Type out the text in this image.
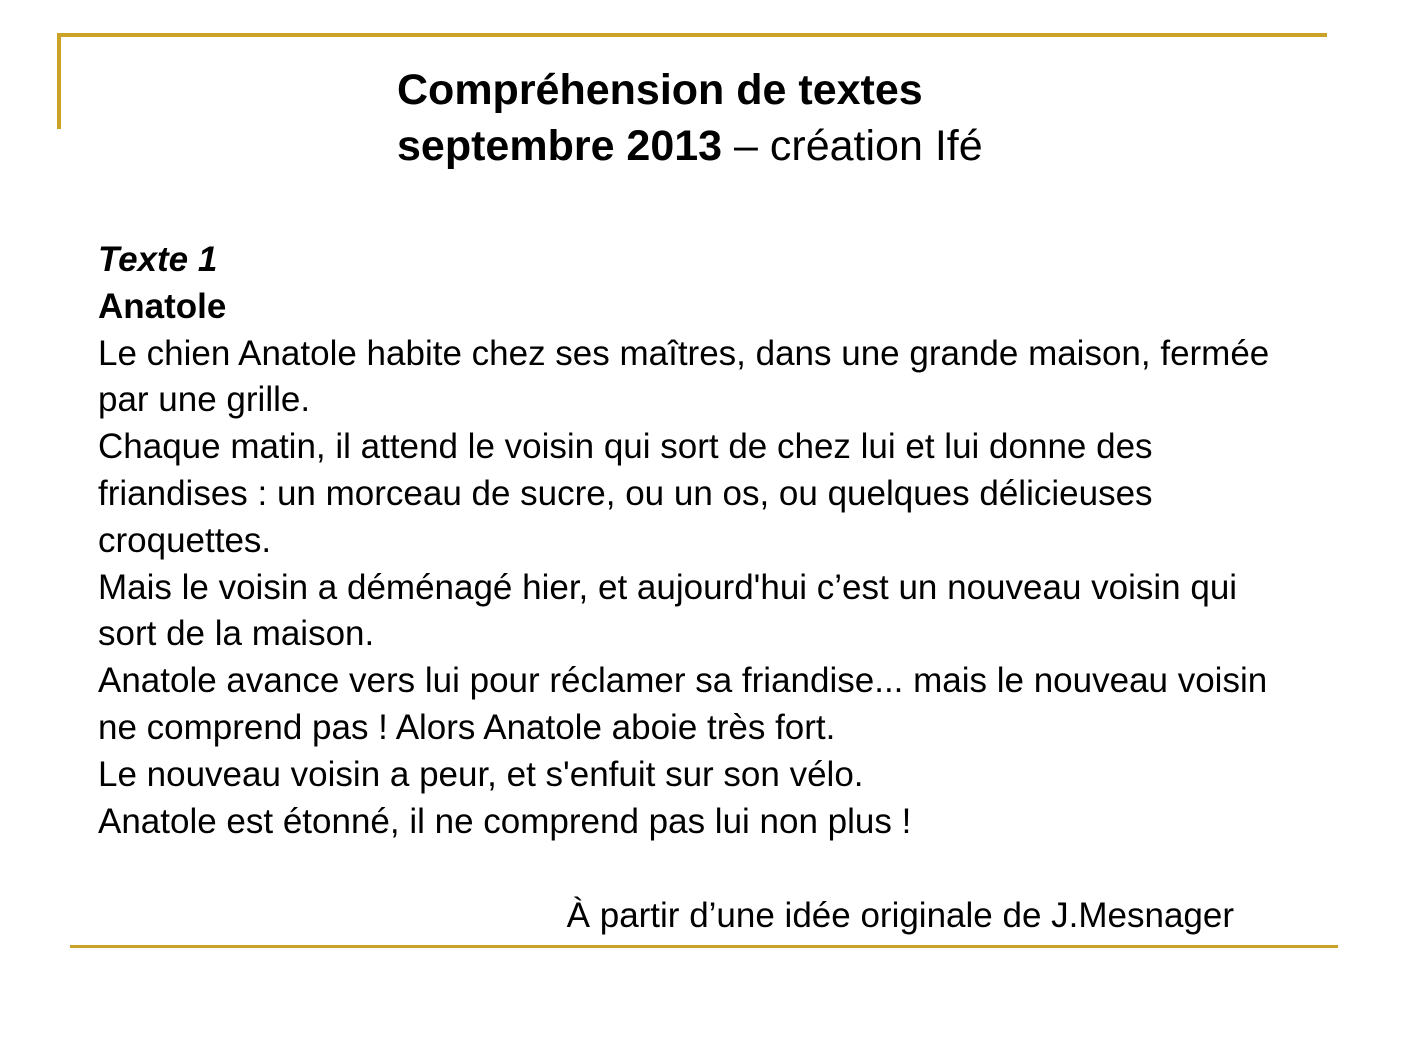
Compréhension de textes
septembre 2013 – création Ifé

Texte 1

Anatole

Le chien Anatole habite chez ses maîtres, dans une grande maison, fermée par une grille.

Chaque matin, il attend le voisin qui sort de chez lui et lui donne des friandises : un morceau de sucre, ou un os, ou quelques délicieuses croquettes.

Mais le voisin a déménagé hier, et aujourd'hui c’est un nouveau voisin qui sort de la maison.

Anatole avance vers lui pour réclamer sa friandise... mais le nouveau voisin ne comprend pas ! Alors Anatole aboie très fort.

Le nouveau voisin a peur, et s'enfuit sur son vélo.

Anatole est étonné, il ne comprend pas lui non plus !

À partir d’une idée originale de J.Mesnager
